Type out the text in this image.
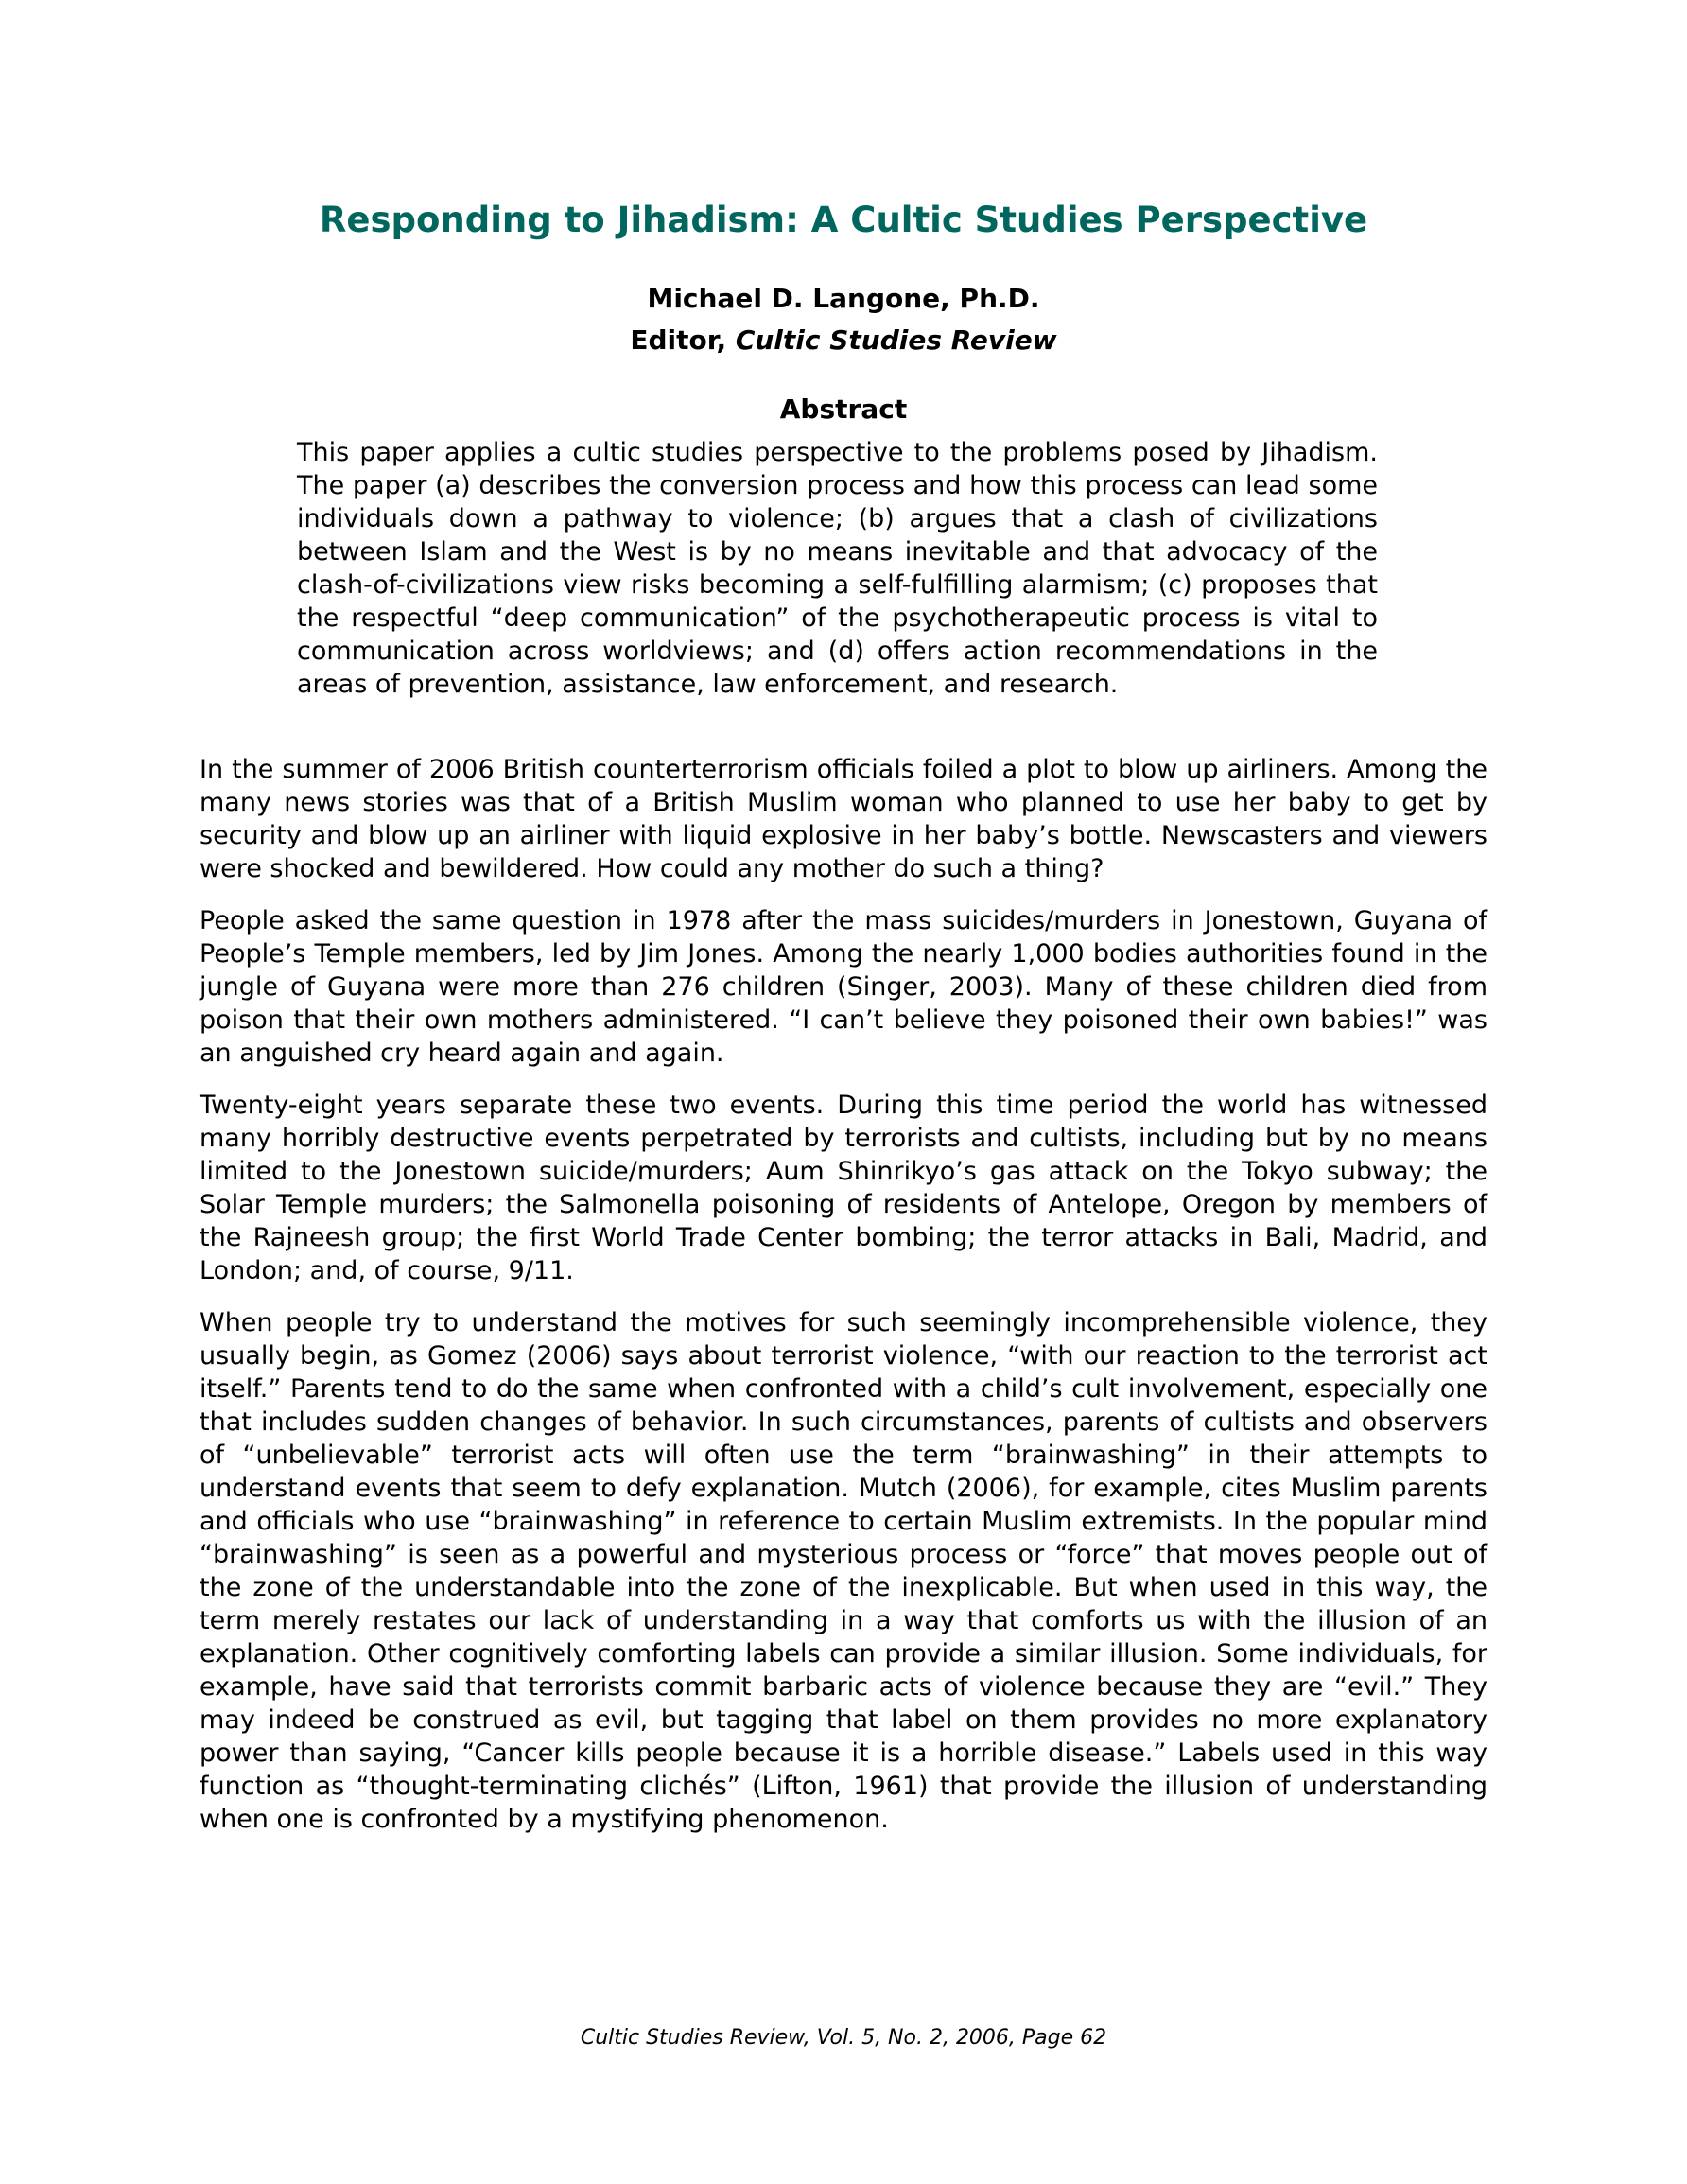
Responding to Jihadism: A Cultic Studies Perspective
Michael D. Langone, Ph.D.
Editor, Cultic Studies Review
Abstract

This paper applies a cultic studies perspective to the problems posed by Jihadism. The paper (a) describes the conversion process and how this process can lead some individuals down a pathway to violence; (b) argues that a clash of civilizations between Islam and the West is by no means inevitable and that advocacy of the clash-of-civilizations view risks becoming a self-fulfilling alarmism; (c) proposes that the respectful “deep communication” of the psychotherapeutic process is vital to communication across worldviews; and (d) offers action recommendations in the areas of prevention, assistance, law enforcement, and research.

In the summer of 2006 British counterterrorism officials foiled a plot to blow up airliners. Among the many news stories was that of a British Muslim woman who planned to use her baby to get by security and blow up an airliner with liquid explosive in her baby’s bottle. Newscasters and viewers were shocked and bewildered. How could any mother do such a thing?

People asked the same question in 1978 after the mass suicides/murders in Jonestown, Guyana of People’s Temple members, led by Jim Jones. Among the nearly 1,000 bodies authorities found in the jungle of Guyana were more than 276 children (Singer, 2003). Many of these children died from poison that their own mothers administered. “I can’t believe they poisoned their own babies!” was an anguished cry heard again and again.

Twenty-eight years separate these two events. During this time period the world has witnessed many horribly destructive events perpetrated by terrorists and cultists, including but by no means limited to the Jonestown suicide/murders; Aum Shinrikyo’s gas attack on the Tokyo subway; the Solar Temple murders; the Salmonella poisoning of residents of Antelope, Oregon by members of the Rajneesh group; the first World Trade Center bombing; the terror attacks in Bali, Madrid, and London; and, of course, 9/11.

When people try to understand the motives for such seemingly incomprehensible violence, they usually begin, as Gomez (2006) says about terrorist violence, “with our reaction to the terrorist act itself.” Parents tend to do the same when confronted with a child’s cult involvement, especially one that includes sudden changes of behavior. In such circumstances, parents of cultists and observers of “unbelievable” terrorist acts will often use the term “brainwashing” in their attempts to understand events that seem to defy explanation. Mutch (2006), for example, cites Muslim parents and officials who use “brainwashing” in reference to certain Muslim extremists. In the popular mind “brainwashing” is seen as a powerful and mysterious process or “force” that moves people out of the zone of the understandable into the zone of the inexplicable. But when used in this way, the term merely restates our lack of understanding in a way that comforts us with the illusion of an explanation. Other cognitively comforting labels can provide a similar illusion. Some individuals, for example, have said that terrorists commit barbaric acts of violence because they are “evil.” They may indeed be construed as evil, but tagging that label on them provides no more explanatory power than saying, “Cancer kills people because it is a horrible disease.” Labels used in this way function as “thought-terminating clichés” (Lifton, 1961) that provide the illusion of understanding when one is confronted by a mystifying phenomenon.

Cultic Studies Review, Vol. 5, No. 2, 2006, Page 62
